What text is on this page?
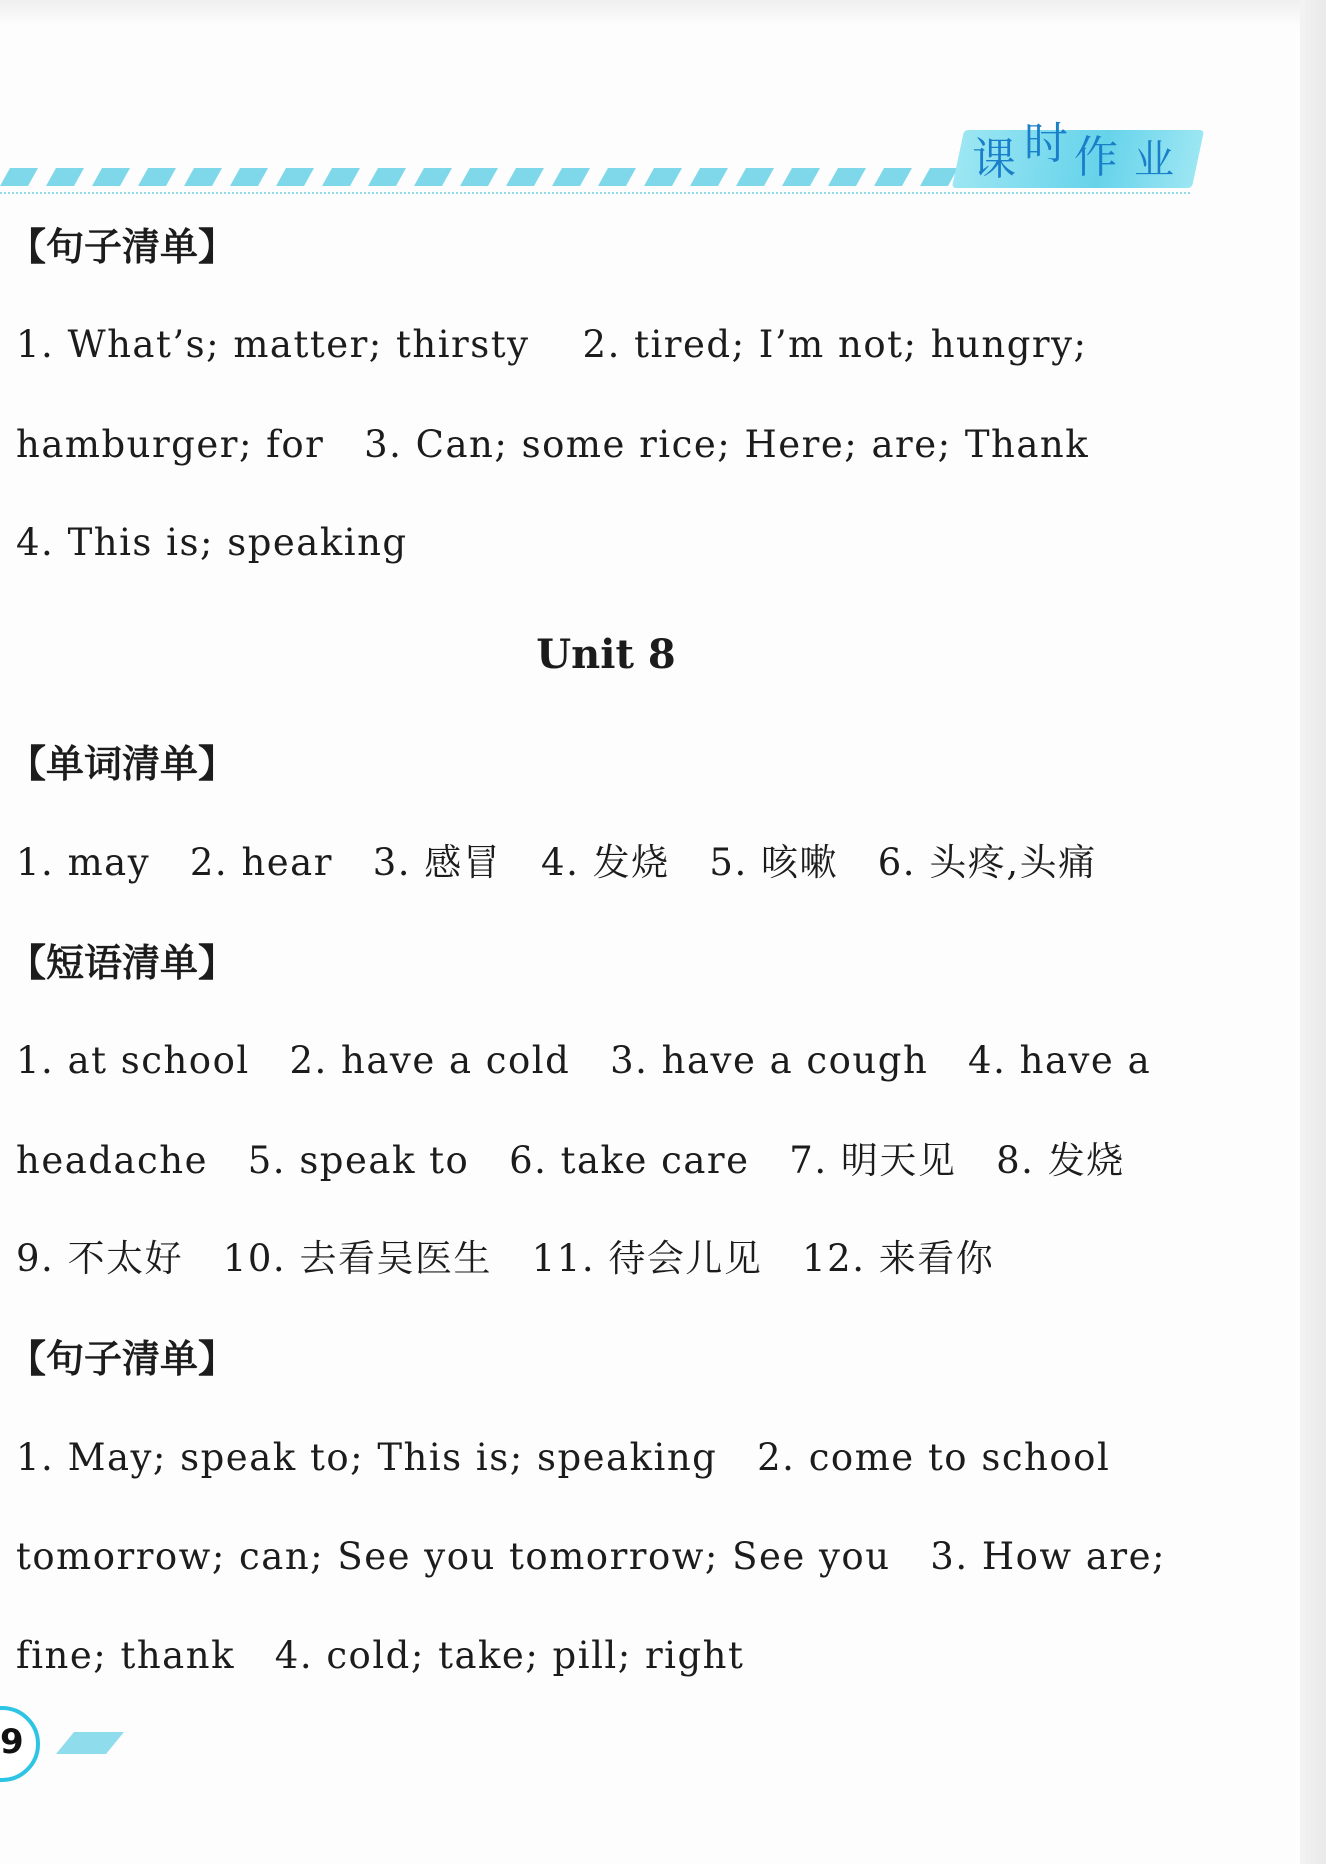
课 时 作 业
【句子清单】
1. What’s; matter; thirsty    2. tired; I’m not; hungry;
hamburger; for   3. Can; some rice; Here; are; Thank
4. This is; speaking
Unit 8
【单词清单】
1. may   2. hear   3. 感冒   4. 发烧   5. 咳嗽   6. 头疼,头痛
【短语清单】
1. at school   2. have a cold   3. have a cough   4. have a
headache   5. speak to   6. take care   7. 明天见   8. 发烧
9. 不太好   10. 去看吴医生   11. 待会儿见   12. 来看你
【句子清单】
1. May; speak to; This is; speaking   2. come to school
tomorrow; can; See you tomorrow; See you   3. How are;
fine; thank   4. cold; take; pill; right
9
